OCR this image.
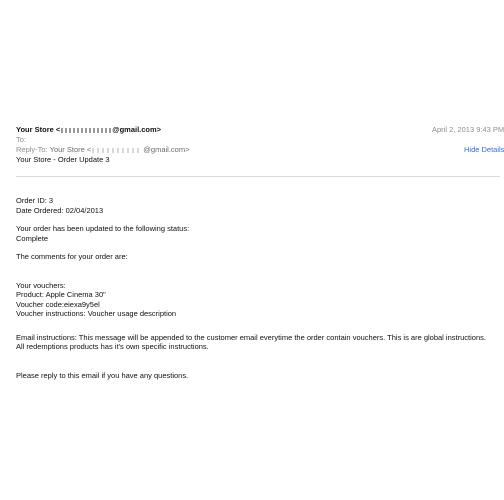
Your Store <	@gmail.com>	April 2, 2013 9:43 PM
To:
Hide Details
Reply-To: Your Store <	@gmail.com>
Your Store - Order Update 3

Order ID: 3

Date Ordered: 02/04/2013

Your order has been updated to the following status:

Complete

The comments for your order are:

Your vouchers:

Product: Apple Cinema 30"

Voucher code:eiexa9y5el

Voucher instructions: Voucher usage description

Email instructions: This message will be appended to the customer email everytime the order contain vouchers. This is are global instructions.

All redemptions products has it's own specific instructions.

Please reply to this email if you have any questions.
